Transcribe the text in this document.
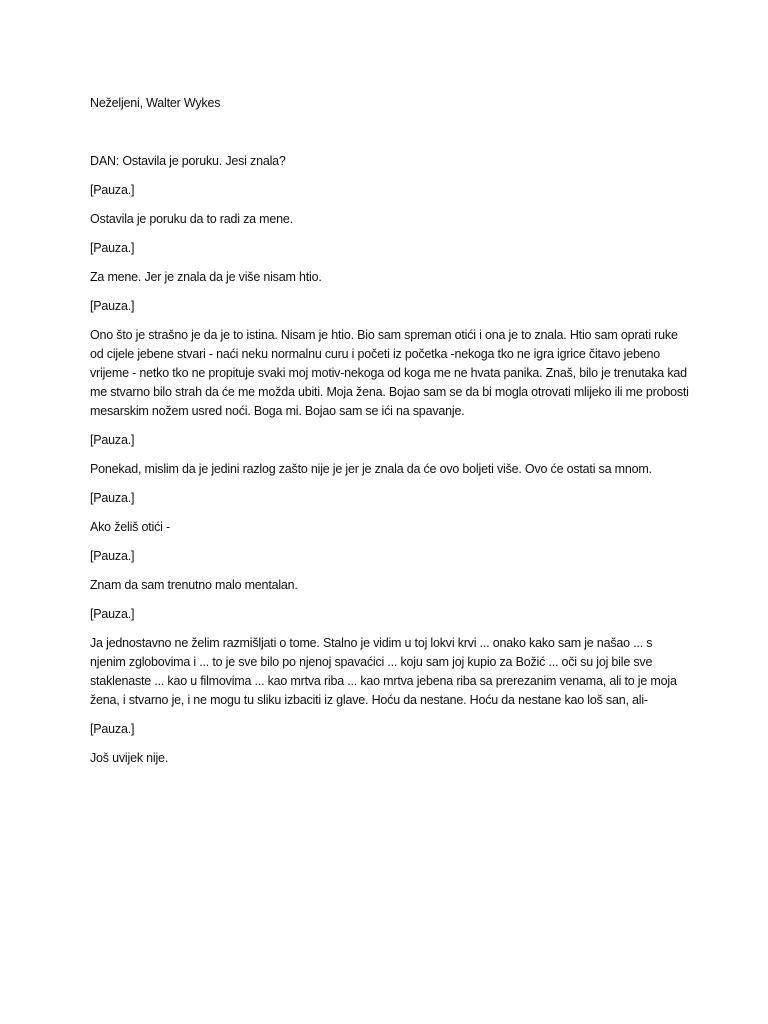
Neželjeni, Walter Wykes

DAN: Ostavila je poruku. Jesi znala?

[Pauza.]

Ostavila je poruku da to radi za mene.

[Pauza.]

Za mene. Jer je znala da je više nisam htio.

[Pauza.]

Ono što je strašno je da je to istina. Nisam je htio. Bio sam spreman otići i ona je to znala. Htio sam oprati ruke od cijele jebene stvari - naći neku normalnu curu i početi iz početka -nekoga tko ne igra igrice čitavo jebeno vrijeme - netko tko ne propituje svaki moj motiv-nekoga od koga me ne hvata panika. Znaš, bilo je trenutaka kad me stvarno bilo strah da će me možda ubiti. Moja žena. Bojao sam se da bi mogla otrovati mlijeko ili me probosti mesarskim nožem usred noći. Boga mi. Bojao sam se ići na spavanje.

[Pauza.]

Ponekad, mislim da je jedini razlog zašto nije je jer je znala da će ovo boljeti više. Ovo će ostati sa mnom.

[Pauza.]

Ako želiš otići -

[Pauza.]

Znam da sam trenutno malo mentalan.

[Pauza.]

Ja jednostavno ne želim razmišljati o tome. Stalno je vidim u toj lokvi krvi ... onako kako sam je našao ... s njenim zglobovima i ... to je sve bilo po njenoj spavaćici ... koju sam joj kupio za Božić ... oči su joj bile sve staklenaste ... kao u filmovima ... kao mrtva riba ... kao mrtva jebena riba sa prerezanim venama, ali to je moja žena, i stvarno je, i ne mogu tu sliku izbaciti iz glave. Hoću da nestane. Hoću da nestane kao loš san, ali-

[Pauza.]

Još uvijek nije.
